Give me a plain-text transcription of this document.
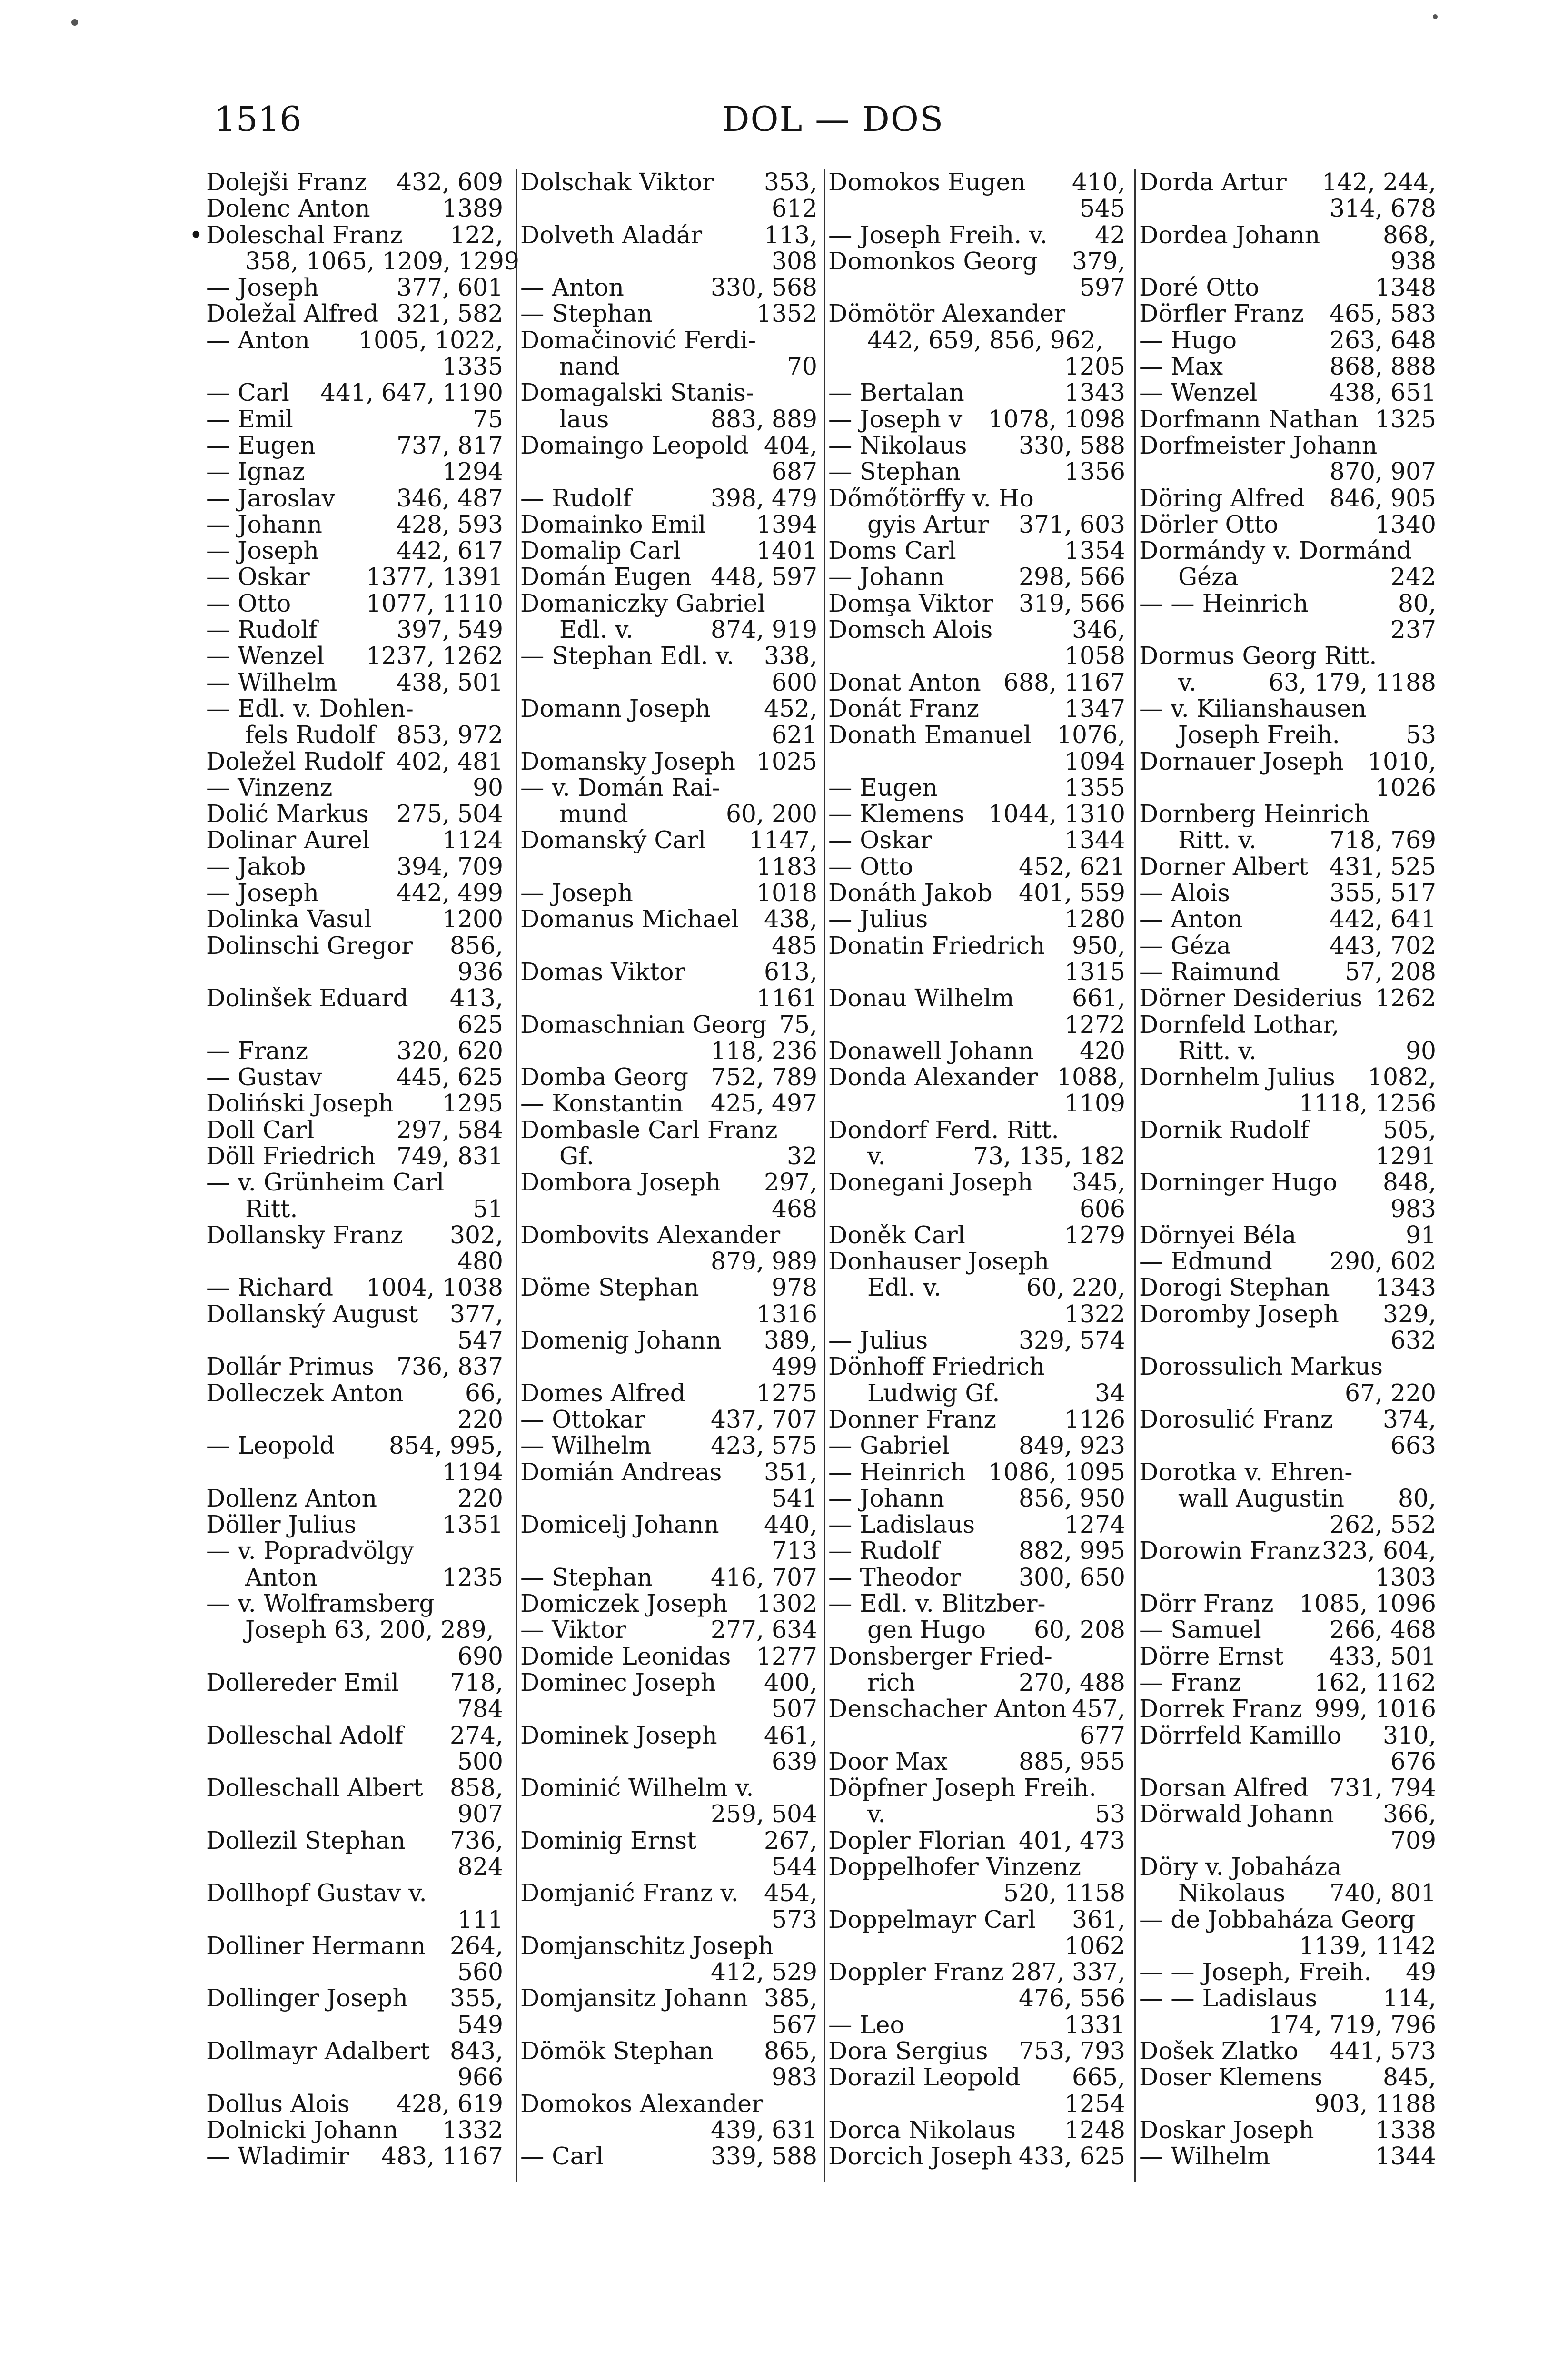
1516	DOL — DOS
Dolejši Franz 432, 609
Dolenc Anton	1389
• Doleschal Franz 122,
358, 1065, 1209, 1299
— Joseph	377, 601
Doležal Alfred 321, 582
— Anton 1005, 1022,
1335
— Carl 441, 647, 1190
— Emil	75
— Eugen	737, 817
— Ignaz	1294
— Jaroslav	346, 487
— Johann	428, 593
— Joseph	442, 617
— Oskar 1377, 1391
— Otto	1077, 1110
— Rudolf	397, 549
— Wenzel 1237, 1262
— Wilhelm 438, 501
— Edl. v. Dohlen-
fels Rudolf 853, 972
Doležel Rudolf 402, 481
— Vinzenz	90
Dolić Markus 275, 504
Dolinar Aurel	1124
— Jakob	394, 709
— Joseph	442, 499
Dolinka Vasul	1200
Dolinschi Gregor 856,
936
Dolinšek Eduard 413,
625
— Franz	320, 620
— Gustav	445, 625
Doliński Joseph 1295
Doll Carl	297, 584
Döll Friedrich 749, 831
— v. Grünheim Carl
Ritt.	51
Dollansky Franz 302,
480
— Richard 1004, 1038
Dollanský August 377,
547
Dollár Primus 736, 837
Dolleczek Anton	66,
220
— Leopold 854, 995,
1194
Dollenz Anton	220
Döller Julius	1351
— v. Popradvölgy
Anton	1235
— v. Wolframsberg
Joseph 63, 200, 289,
690
Dollereder Emil 718,
784
Dolleschal Adolf 274,
500
Dolleschall Albert 858,
907
Dollezil Stephan 736,
824
Dollhopf Gustav v.
111
Dolliner Hermann 264,
560
Dollinger Joseph 355,
549
Dollmayr Adalbert 843,
966
Dollus Alois 428, 619
Dolnicki Johann 1332
— Wladimir 483, 1167
Dolschak Viktor 353,
612
Dolveth Aladár	113,
308
— Anton	330, 568
— Stephan	1352
Domačinović Ferdi-
nand	70
Domagalski Stanis-
laus	883, 889
Domaingo Leopold 404,
687
— Rudolf	398, 479
Domainko Emil 1394
Domalip Carl	1401
Domán Eugen 448, 597
Domaniczky Gabriel
Edl. v.	874, 919
— Stephan Edl. v. 338,
600
Domann Joseph 452,
621
Domansky Joseph 1025
— v. Domán Rai-
mund	60, 200
Domanský Carl 1147,
1183
— Joseph	1018
Domanus Michael 438,
485
Domas Viktor	613,
1161
Domaschnian Georg 75,
118, 236
Domba Georg 752, 789
— Konstantin 425, 497
Dombasle Carl Franz
Gf.	32
Dombora Joseph 297,
468
Dombovits Alexander
879, 989
Döme Stephan	978
1316
Domenig Johann 389,
499
Domes Alfred	1275
— Ottokar	437, 707
— Wilhelm 423, 575
Domián Andreas 351,
541
Domicelj Johann 440,
713
— Stephan 416, 707
Domiczek Joseph 1302
— Viktor	277, 634
Domide Leonidas 1277
Dominec Joseph 400,
507
Dominek Joseph 461,
639
Dominić Wilhelm v.
259, 504
Dominig Ernst	267,
544
Domjanić Franz v. 454,
573
Domjanschitz Joseph
412, 529
Domjansitz Johann 385,
567
Dömök Stephan 865,
983
Domokos Alexander
439, 631
— Carl	339, 588
Domokos Eugen 410,
545
— Joseph Freih. v. 42
Domonkos Georg 379,
597
Dömötör Alexander
442, 659, 856, 962,
1205
— Bertalan	1343
— Joseph v 1078, 1098
— Nikolaus 330, 588
— Stephan	1356
Dőmőtörffy v. Ho
gyis Artur 371, 603
Doms Carl	1354
— Johann	298, 566
Domşa Viktor 319, 566
Domsch Alois	346,
1058
Donat Anton 688, 1167
Donát Franz	1347
Donath Emanuel 1076,
1094
— Eugen	1355
— Klemens 1044, 1310
— Oskar	1344
— Otto	452, 621
Donáth Jakob 401, 559
— Julius	1280
Donatin Friedrich 950,
1315
Donau Wilhelm 661,
1272
Donawell Johann 420
Donda Alexander 1088,
1109
Dondorf Ferd. Ritt.
v.	73, 135, 182
Donegani Joseph 345,
606
Doněk Carl	1279
Donhauser Joseph
Edl. v.	60, 220,
1322
— Julius	329, 574
Dönhoff Friedrich
Ludwig Gf.	34
Donner Franz	1126
— Gabriel	849, 923
— Heinrich 1086, 1095
— Johann	856, 950
— Ladislaus	1274
— Rudolf	882, 995
— Theodor 300, 650
— Edl. v. Blitzber-
gen Hugo 60, 208
Donsberger Fried-
rich	270, 488
Denschacher Anton 457,
677
Door Max	885, 955
Döpfner Joseph Freih.
v.	53
Dopler Florian 401, 473
Doppelhofer Vinzenz
520, 1158
Doppelmayr Carl 361,
1062
Doppler Franz 287, 337,
476, 556
— Leo	1331
Dora Sergius 753, 793
Dorazil Leopold 665,
1254
Dorca Nikolaus 1248
Dorcich Joseph 433, 625
Dorda Artur 142, 244,
314, 678
Dordea Johann	868,
938
Doré Otto	1348
Dörfler Franz 465, 583
— Hugo	263, 648
— Max	868, 888
— Wenzel	438, 651
Dorfmann Nathan 1325
Dorfmeister Johann
870, 907
Döring Alfred 846, 905
Dörler Otto	1340
Dormándy v. Dormánd
Géza	242
— — Heinrich	80,
237
Dormus Georg Ritt.
v.	63, 179, 1188
— v. Kilianshausen
Joseph Freih.	53
Dornauer Joseph 1010,
1026
Dornberg Heinrich
Ritt. v.	718, 769
Dorner Albert 431, 525
— Alois	355, 517
— Anton	442, 641
— Géza	443, 702
— Raimund	57, 208
Dörner Desiderius 1262
Dornfeld Lothar,
Ritt. v.	90
Dornhelm Julius 1082,
1118, 1256
Dornik Rudolf	505,
1291
Dorninger Hugo 848,
983
Dörnyei Béla	91
— Edmund 290, 602
Dorogi Stephan 1343
Doromby Joseph 329,
632
Dorossulich Markus
67, 220
Dorosulić Franz 374,
663
Dorotka v. Ehren-
wall Augustin 80,
262, 552
Dorowin Franz 323, 604,
1303
Dörr Franz 1085, 1096
— Samuel	266, 468
Dörre Ernst 433, 501
— Franz	162, 1162
Dorrek Franz 999, 1016
Dörrfeld Kamillo 310,
676
Dorsan Alfred 731, 794
Dörwald Johann 366,
709
Döry v. Jobaháza
Nikolaus 740, 801
— de Jobbaháza Georg
1139, 1142
— — Joseph, Freih. 49
— — Ladislaus	114,
174, 719, 796
Došek Zlatko 441, 573
Doser Klemens	845,
903, 1188
Doskar Joseph	1338
— Wilhelm	1344
